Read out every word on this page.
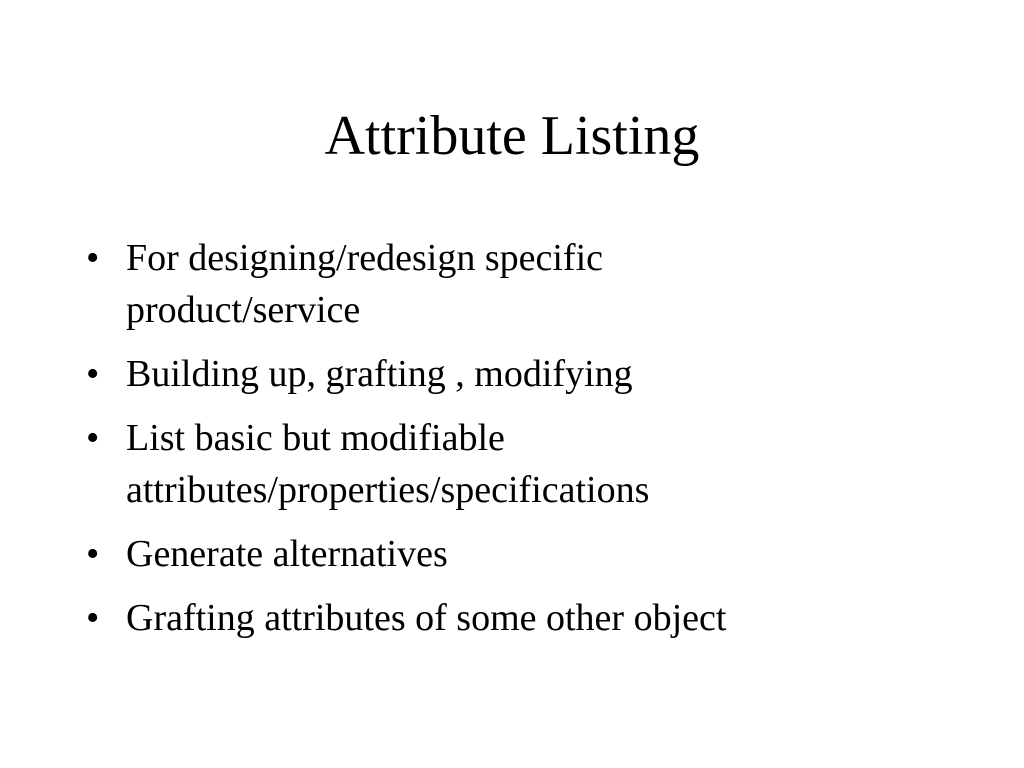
Attribute Listing
• For designing/redesign specific product/service
• Building up, grafting , modifying
• List basic but modifiable attributes/properties/specifications
• Generate alternatives
• Grafting attributes of some other object
